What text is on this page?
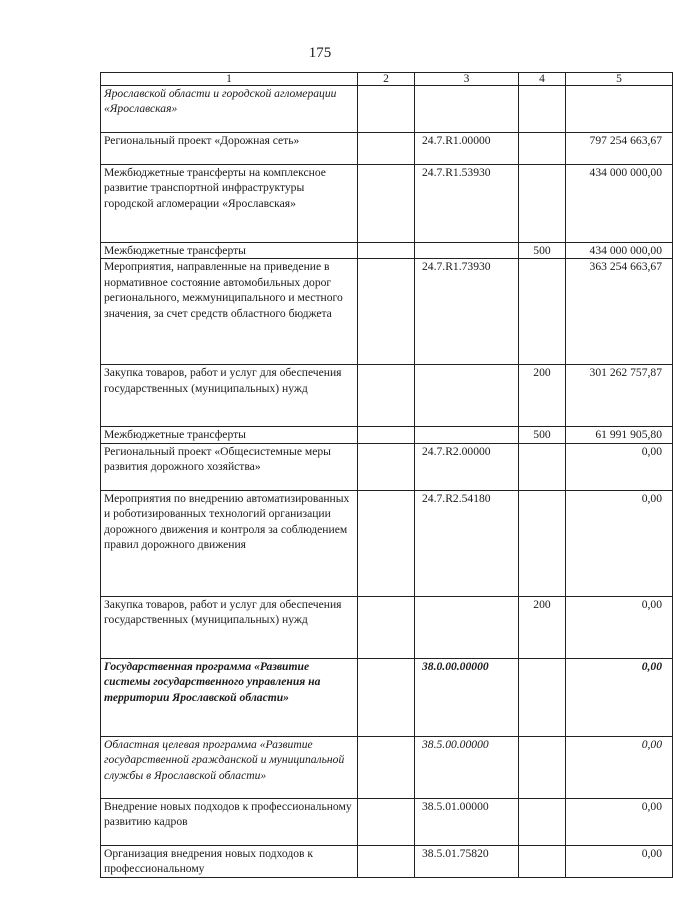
175
1	2	3	4	5
Ярославской области и городской агломерации «Ярославская»				
Региональный проект «Дорожная сеть»		24.7.R1.00000		797 254 663,67
Межбюджетные трансферты на комплексное развитие транспортной инфраструктуры городской агломерации «Ярославская»		24.7.R1.53930		434 000 000,00
Межбюджетные трансферты			500	434 000 000,00
Мероприятия, направленные на приведение в нормативное состояние автомобильных дорог регионального, межмуниципального и местного значения, за счет средств областного бюджета		24.7.R1.73930		363 254 663,67
Закупка товаров, работ и услуг для обеспечения государственных (муниципальных) нужд			200	301 262 757,87
Межбюджетные трансферты			500	61 991 905,80
Региональный проект «Общесистемные меры развития дорожного хозяйства»		24.7.R2.00000		0,00
Мероприятия по внедрению автоматизированных и роботизированных технологий организации дорожного движения и контроля за соблюдением правил дорожного движения		24.7.R2.54180		0,00
Закупка товаров, работ и услуг для обеспечения государственных (муниципальных) нужд			200	0,00
Государственная программа «Развитие системы государственного управления на территории Ярославской области»		38.0.00.00000		0,00
Областная целевая программа «Развитие государственной гражданской и муниципальной службы в Ярославской области»		38.5.00.00000		0,00
Внедрение новых подходов к профессиональному развитию кадров		38.5.01.00000		0,00
Организация внедрения новых подходов к профессиональному		38.5.01.75820		0,00
